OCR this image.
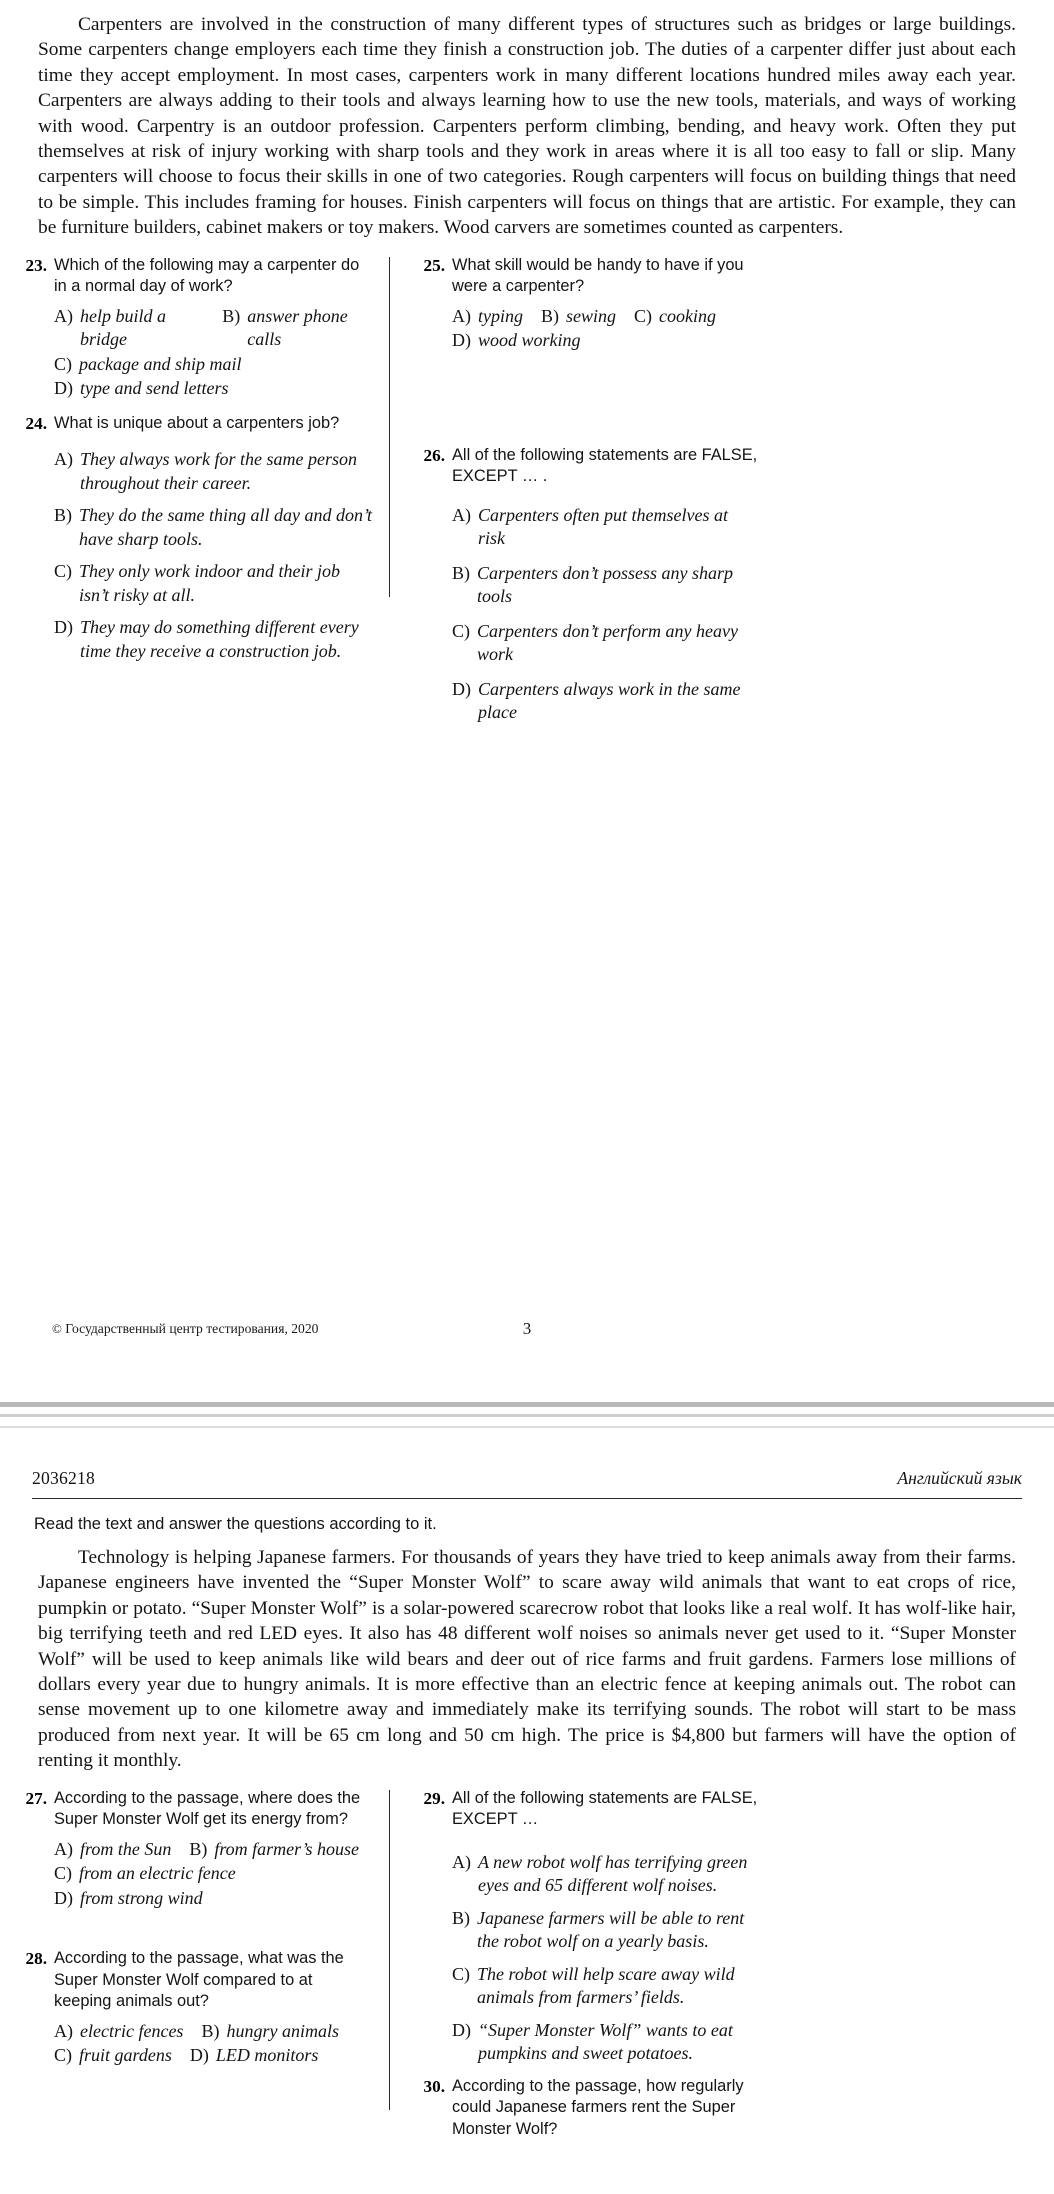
Carpenters are involved in the construction of many different types of structures such as bridges or large buildings. Some carpenters change employers each time they finish a construction job. The duties of a carpenter differ just about each time they accept employment. In most cases, carpenters work in many different locations hundred miles away each year. Carpenters are always adding to their tools and always learning how to use the new tools, materials, and ways of working with wood. Carpentry is an outdoor profession. Carpenters perform climbing, bending, and heavy work. Often they put themselves at risk of injury working with sharp tools and they work in areas where it is all too easy to fall or slip. Many carpenters will choose to focus their skills in one of two categories. Rough carpenters will focus on building things that need to be simple. This includes framing for houses. Finish carpenters will focus on things that are artistic. For example, they can be furniture builders, cabinet makers or toy makers. Wood carvers are sometimes counted as carpenters.

23. Which of the following may a carpenter do in a normal day of work?
A) help build a bridge
B) answer phone calls
C) package and ship mail
D) type and send letters
24. What is unique about a carpenters job?
A) They always work for the same person throughout their career.
B) They do the same thing all day and don’t have sharp tools.
C) They only work indoor and their job isn’t risky at all.
D) They may do something different every time they receive a construction job.
25. What skill would be handy to have if you were a carpenter?
A) typing B) sewing C) cooking
D) wood working
26. All of the following statements are FALSE, EXCEPT … .
A) Carpenters often put themselves at risk
B) Carpenters don’t possess any sharp tools
C) Carpenters don’t perform any heavy work
D) Carpenters always work in the same place
© Государственный центр тестирования, 2020	3
2036218	Английский язык
Read the text and answer the questions according to it.

Technology is helping Japanese farmers. For thousands of years they have tried to keep animals away from their farms. Japanese engineers have invented the “Super Monster Wolf” to scare away wild animals that want to eat crops of rice, pumpkin or potato. “Super Monster Wolf” is a solar-powered scarecrow robot that looks like a real wolf. It has wolf-like hair, big terrifying teeth and red LED eyes. It also has 48 different wolf noises so animals never get used to it. “Super Monster Wolf” will be used to keep animals like wild bears and deer out of rice farms and fruit gardens. Farmers lose millions of dollars every year due to hungry animals. It is more effective than an electric fence at keeping animals out. The robot can sense movement up to one kilometre away and immediately make its terrifying sounds. The robot will start to be mass produced from next year. It will be 65 cm long and 50 cm high. The price is $4,800 but farmers will have the option of renting it monthly.

27. According to the passage, where does the Super Monster Wolf get its energy from?
A) from the Sun B) from farmer’s house
C) from an electric fence
D) from strong wind
28. According to the passage, what was the Super Monster Wolf compared to at keeping animals out?
A) electric fences B) hungry animals
C) fruit gardens D) LED monitors
29. All of the following statements are FALSE, EXCEPT …
A) A new robot wolf has terrifying green eyes and 65 different wolf noises.
B) Japanese farmers will be able to rent the robot wolf on a yearly basis.
C) The robot will help scare away wild animals from farmers’ fields.
D) “Super Monster Wolf” wants to eat pumpkins and sweet potatoes.
30. According to the passage, how regularly could Japanese farmers rent the Super Monster Wolf?
